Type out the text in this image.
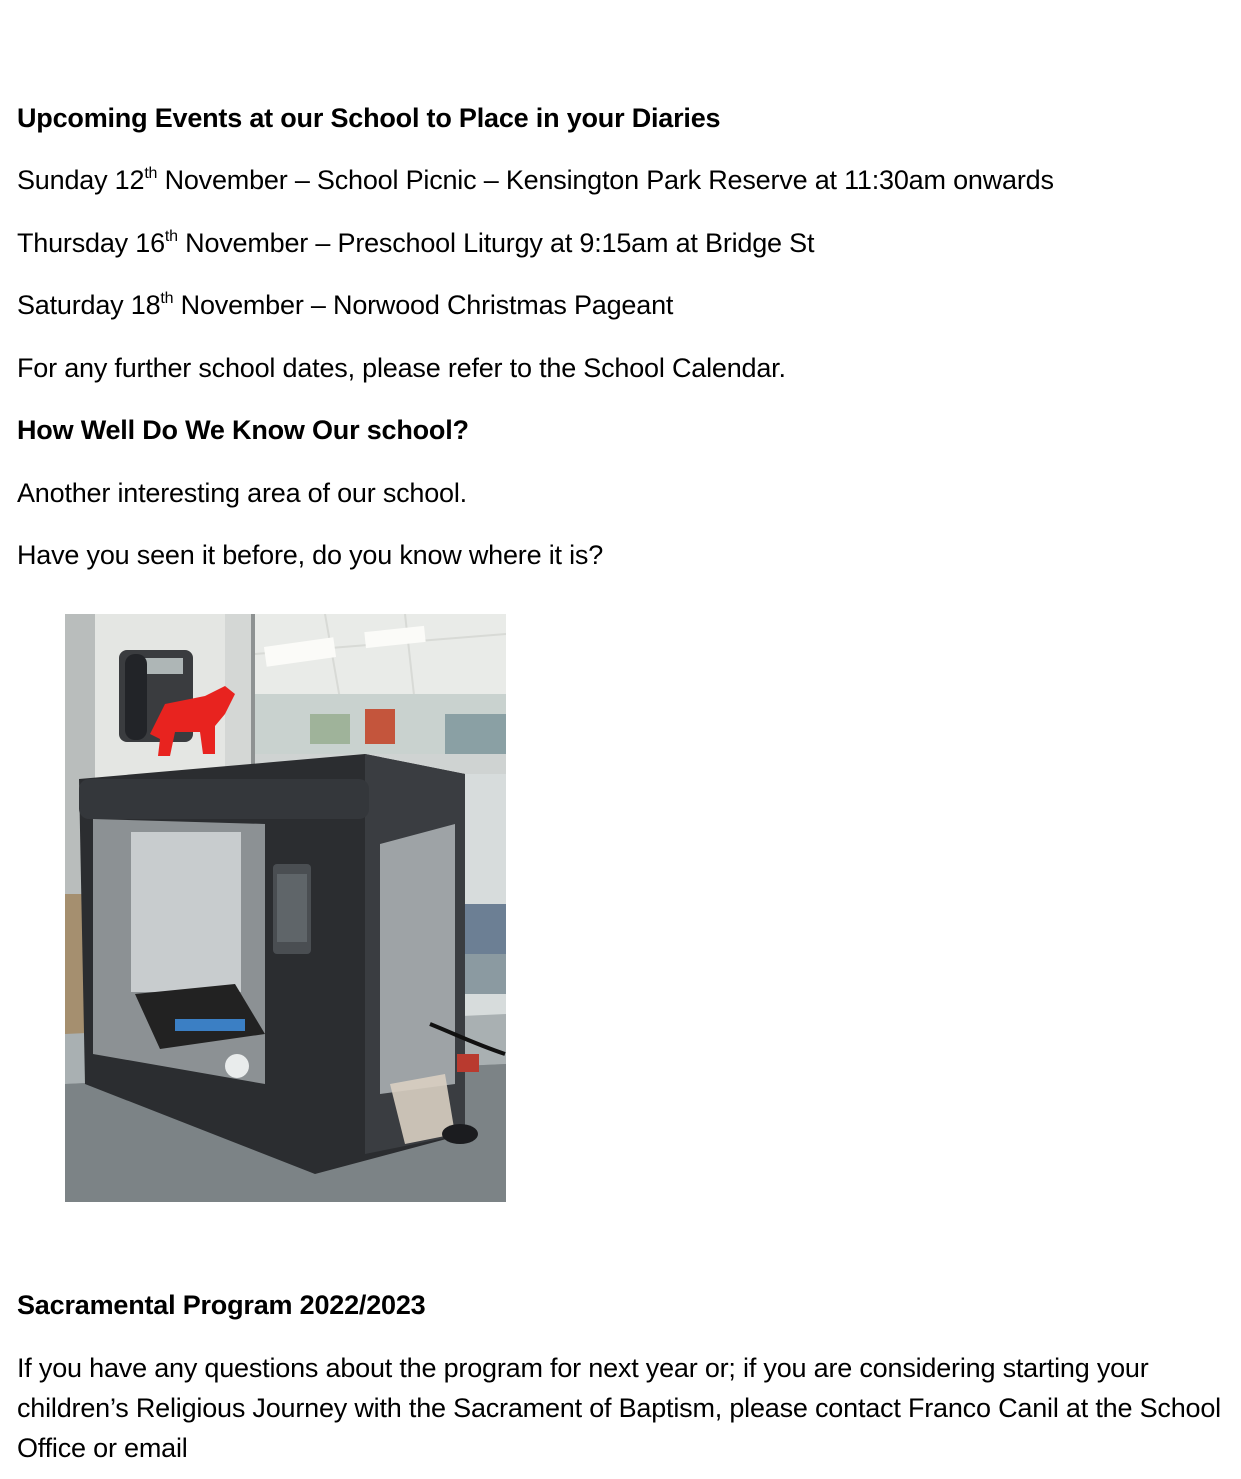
Upcoming Events at our School to Place in your Diaries
Sunday 12th November – School Picnic – Kensington Park Reserve at 11:30am onwards
Thursday 16th November – Preschool Liturgy at 9:15am at Bridge St
Saturday 18th November – Norwood Christmas Pageant
For any further school dates, please refer to the School Calendar.
How Well Do We Know Our school?
Another interesting area of our school.
Have you seen it before, do you know where it is?
Sacramental Program 2022/2023
If you have any questions about the program for next year or; if you are considering starting your children’s Religious Journey with the Sacrament of Baptism, please contact Franco Canil at the School Office or email
